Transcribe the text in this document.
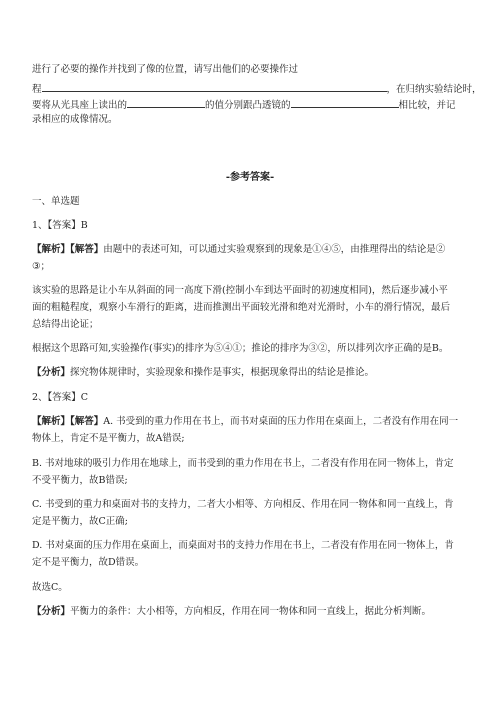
进行了必要的操作并找到了像的位置，请写出他们的必要操作过
程	，在归纳实验结论时，
要将从光具座上读出的	的值分别跟凸透镜的	相比较，并记
录相应的成像情况。
-参考答案-
一、单选题
1、【答案】B
【解析】【解答】由题中的表述可知，可以通过实验观察到的现象是①④⑤，由推理得出的结论是②
③；
该实验的思路是让小车从斜面的同一高度下滑(控制小车到达平面时的初速度相同)，然后逐步减小平
面的粗糙程度，观察小车滑行的距离，进而推测出平面较光滑和绝对光滑时，小车的滑行情况，最后
总结得出论证；
根据这个思路可知,实验操作(事实)的排序为⑤④①；推论的排序为③②，所以排列次序正确的是B。
【分析】探究物体规律时，实验现象和操作是事实，根据现象得出的结论是推论。
2、【答案】C
【解析】【解答】A. 书受到的重力作用在书上，而书对桌面的压力作用在桌面上，二者没有作用在同一
物体上，肯定不是平衡力，故A错误;
B. 书对地球的吸引力作用在地球上，而书受到的重力作用在书上，二者没有作用在同一物体上，肯定
不受平衡力，故B错误;
C. 书受到的重力和桌面对书的支持力，二者大小相等、方向相反、作用在同一物体和同一直线上，肯
定是平衡力，故C正确;
D. 书对桌面的压力作用在桌面上，而桌面对书的支持力作用在书上，二者没有作用在同一物体上，肯
定不是平衡力，故D错误。
故选C。
【分析】平衡力的条件：大小相等，方向相反，作用在同一物体和同一直线上，据此分析判断。
